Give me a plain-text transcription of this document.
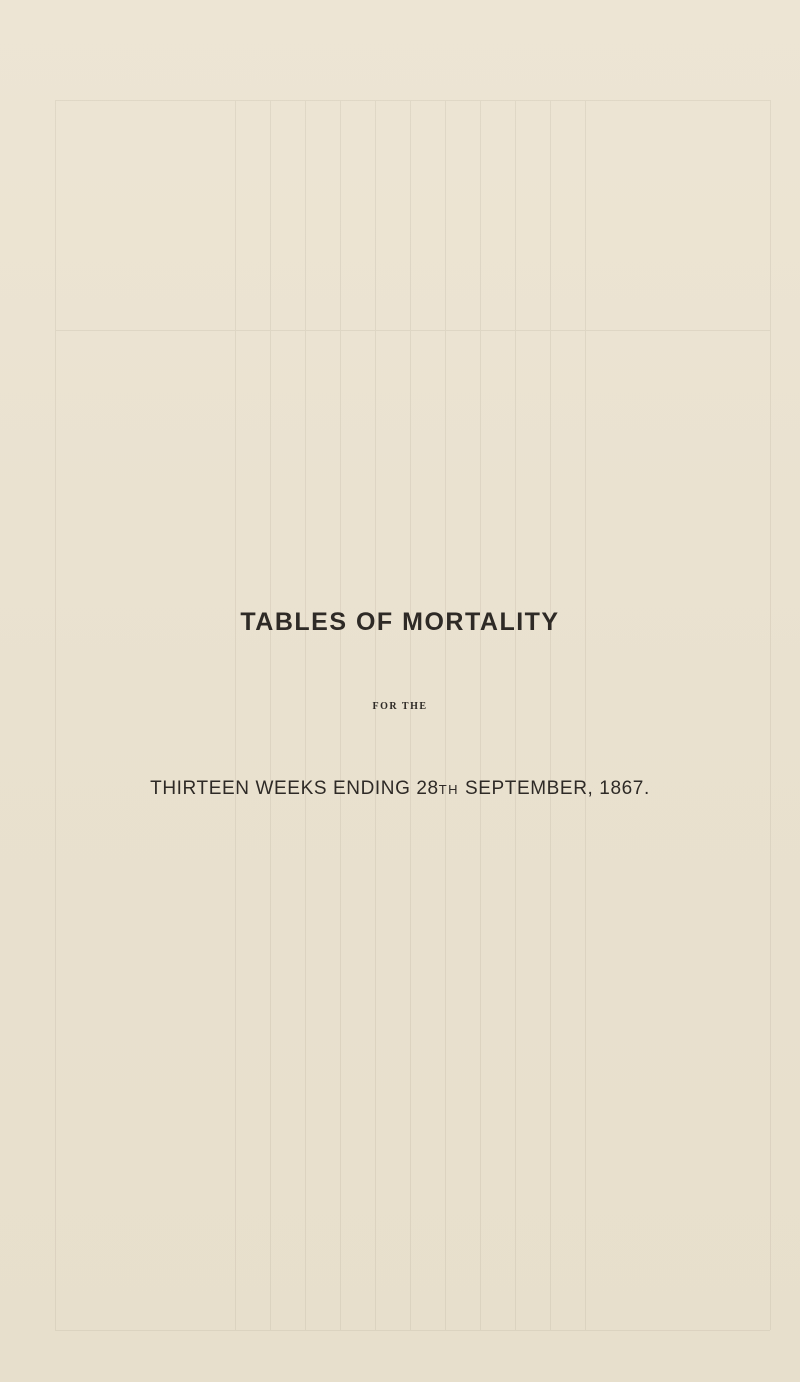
TABLES OF MORTALITY
FOR THE
THIRTEEN WEEKS ENDING 28TH SEPTEMBER, 1867.
